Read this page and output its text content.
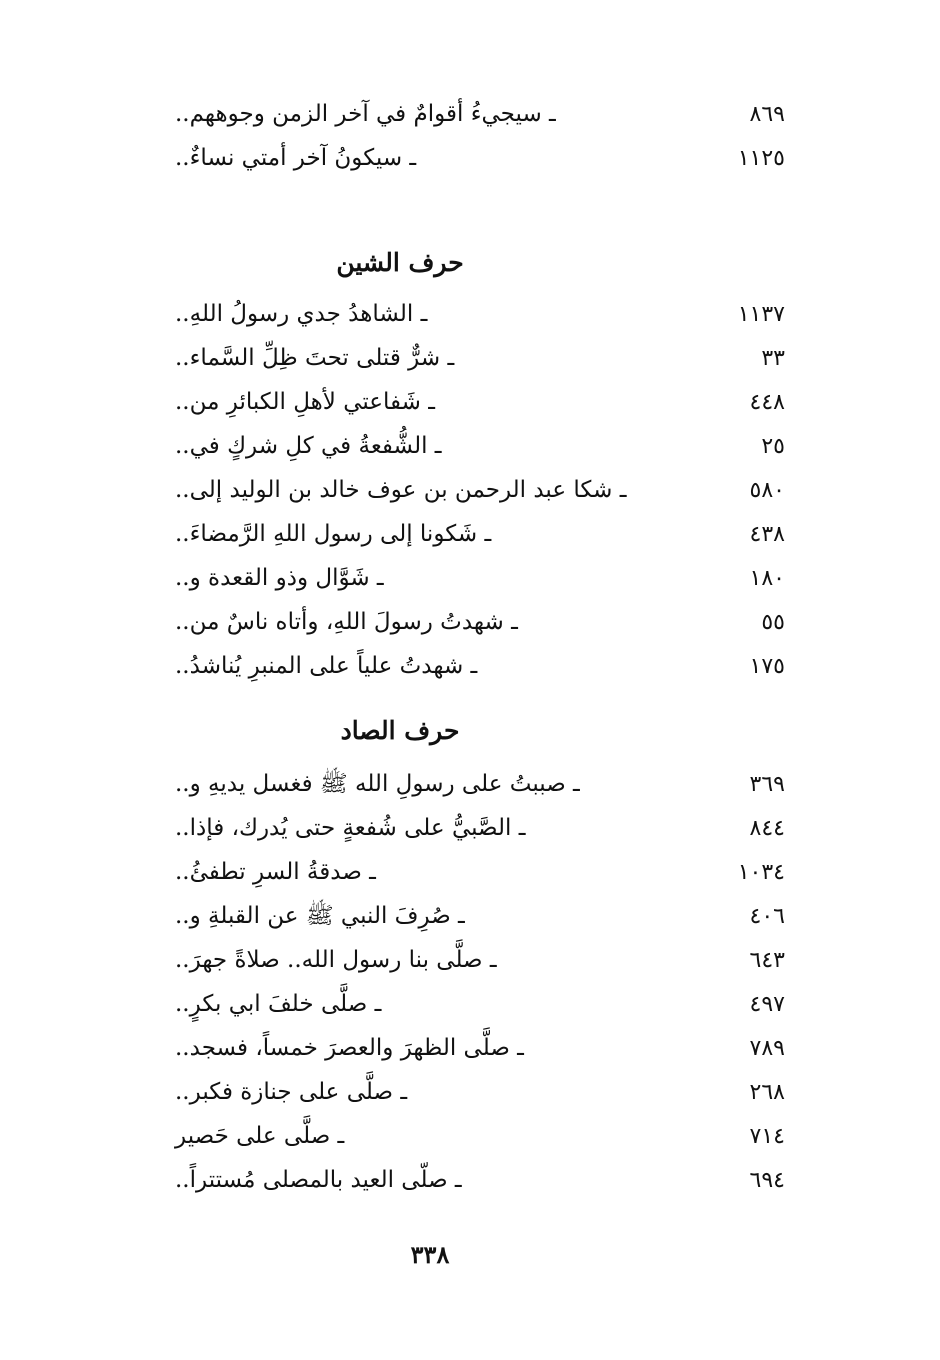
ـ سيجيءُ أقوامٌ في آخر الزمن وجوههم..	٨٦٩
ـ سيكونُ آخر أمتي نساءٌ..	١١٢٥
حرف الشين
ـ الشاهدُ جدي رسولُ اللهِ..	١١٣٧
ـ شرٌّ قتلى تحتَ ظِلِّ السَّماء..	٣٣
ـ شَفاعتي لأهلِ الكبائرِ من..	٤٤٨
ـ الشُّفعةُ في كلِ شركٍ في..	٢٥
ـ شكا عبد الرحمن بن عوف خالد بن الوليد إلى..	٥٨٠
ـ شَكونا إلى رسول اللهِ الرَّمضاءَ..	٤٣٨
ـ شَوَّال وذو القعدة و..	١٨٠
ـ شهدتُ رسولَ اللهِ، وأتاه ناسٌ من..	٥٥
ـ شهدتُ علياً على المنبرِ يُناشدُ..	١٧٥
حرف الصاد
ـ صببتُ على رسولِ الله ﷺ فغسل يديهِ و..	٣٦٩
ـ الصَّبيُّ على شُفعةٍ حتى يُدرك، فإذا..	٨٤٤
ـ صدقةُ السرِ تطفئُ..	١٠٣٤
ـ صُرِفَ النبي ﷺ عن القبلةِ و..	٤٠٦
ـ صلَّى بنا رسول الله.. صلاةً جهرَ..	٦٤٣
ـ صلَّى خلفَ ابي بكرٍ..	٤٩٧
ـ صلَّى الظهرَ والعصرَ خمساً، فسجد..	٧٨٩
ـ صلَّى على جنازة فكبر..	٢٦٨
ـ صلَّى على حَصير	٧١٤
ـ صلّى العيد بالمصلى مُستتراً..	٦٩٤
٣٣٨
